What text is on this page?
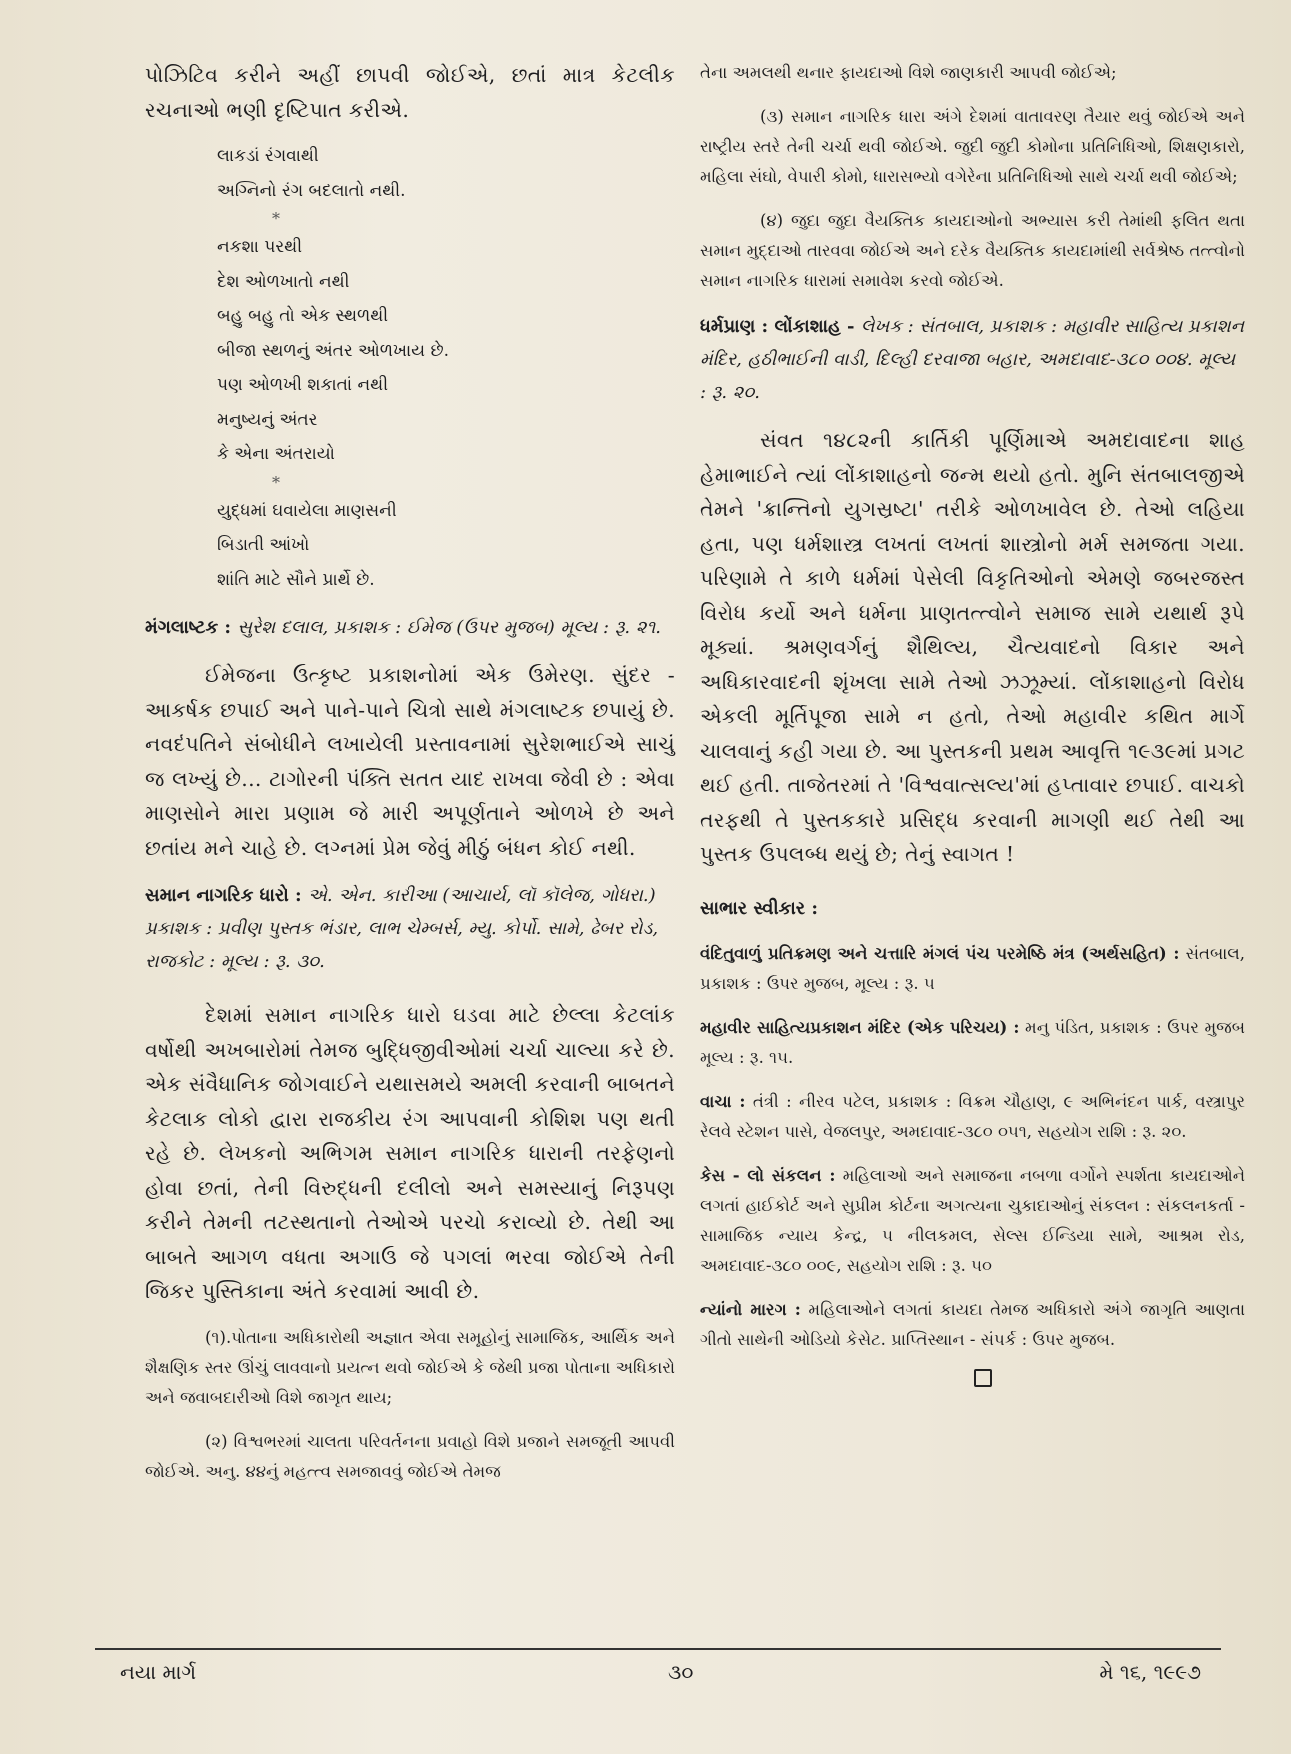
પોઝિટિવ કરીને અહીં છાપવી જોઈએ, છતાં માત્ર કેટલીક રચનાઓ ભણી દૃષ્ટિપાત કરીએ.

લાકડાં રંગવાથી
અગ્નિનો રંગ બદલાતો નથી.
*
નકશા પરથી
દેશ ઓળખાતો નથી
બહુ બહુ તો એક સ્થળથી
બીજા સ્થળનું અંતર ઓળખાય છે.
પણ ઓળખી શકાતાં નથી
મનુષ્યનું અંતર
કે એના અંતરાયો
*
યુદ્ધમાં ઘવાયેલા માણસની
બિડાતી આંખો
શાંતિ માટે સૌને પ્રાર્થે છે.

મંગલાષ્ટક : સુરેશ દલાલ, પ્રકાશક : ઈમેજ (ઉપર મુજબ) મૂલ્ય : રૂ. ૨૧.

ઈમેજના ઉત્કૃષ્ટ પ્રકાશનોમાં એક ઉમેરણ. સુંદર - આકર્ષક છપાઈ અને પાને-પાને ચિત્રો સાથે મંગલાષ્ટક છપાયું છે. નવદંપતિને સંબોધીને લખાયેલી પ્રસ્તાવનામાં સુરેશભાઈએ સાચું જ લખ્યું છે... ટાગોરની પંક્તિ સતત યાદ રાખવા જેવી છે : એવા માણસોને મારા પ્રણામ જે મારી અપૂર્ણતાને ઓળખે છે અને છતાંય મને ચાહે છે. લગ્નમાં પ્રેમ જેવું મીઠું બંધન કોઈ નથી.

સમાન નાગરિક ધારો : એ. એન. કારીઆ (આચાર્ય, લૉ કૉલેજ, ગોધરા.) પ્રકાશક : પ્રવીણ પુસ્તક ભંડાર, લાભ ચેમ્બર્સ, મ્યુ. કોર્પો. સામે, ઢેબર રોડ, રાજકોટ : મૂલ્ય : રૂ. ૩૦.

દેશમાં સમાન નાગરિક ધારો ઘડવા માટે છેલ્લા કેટલાંક વર્ષોથી અખબારોમાં તેમજ બુદ્ધિજીવીઓમાં ચર્ચા ચાલ્યા કરે છે. એક સંવૈધાનિક જોગવાઈને યથાસમયે અમલી કરવાની બાબતને કેટલાક લોકો દ્વારા રાજકીય રંગ આપવાની કોશિશ પણ થતી રહે છે. લેખકનો અભિગમ સમાન નાગરિક ધારાની તરફેણનો હોવા છતાં, તેની વિરુદ્ધની દલીલો અને સમસ્યાનું નિરૂપણ કરીને તેમની તટસ્થતાનો તેઓએ પરચો કરાવ્યો છે. તેથી આ બાબતે આગળ વધતા અગાઉ જે પગલાં ભરવા જોઈએ તેની જિકર પુસ્તિકાના અંતે કરવામાં આવી છે.

(૧).પોતાના અધિકારોથી અજ્ઞાત એવા સમૂહોનું સામાજિક, આર્થિક અને શૈક્ષણિક સ્તર ઊંચું લાવવાનો પ્રયત્ન થવો જોઈએ કે જેથી પ્રજા પોતાના અધિકારો અને જવાબદારીઓ વિશે જાગૃત થાય;

(૨) વિશ્વભરમાં ચાલતા પરિવર્તનના પ્રવાહો વિશે પ્રજાને સમજૂતી આપવી જોઈએ. અનુ. ૪૪નું મહત્ત્વ સમજાવવું જોઈએ તેમજ

તેના અમલથી થનાર ફાયદાઓ વિશે જાણકારી આપવી જોઈએ;

(૩) સમાન નાગરિક ધારા અંગે દેશમાં વાતાવરણ તૈયાર થવું જોઈએ અને રાષ્ટ્રીય સ્તરે તેની ચર્ચા થવી જોઈએ. જુદી જુદી કોમોના પ્રતિનિધિઓ, શિક્ષણકારો, મહિલા સંઘો, વેપારી કોમો, ધારાસભ્યો વગેરેના પ્રતિનિધિઓ સાથે ચર્ચા થવી જોઈએ;

(૪) જુદા જુદા વૈયક્તિક કાયદાઓનો અભ્યાસ કરી તેમાંથી ફલિત થતા સમાન મુદ્દાઓ તારવવા જોઈએ અને દરેક વૈયક્તિક કાયદામાંથી સર્વશ્રેષ્ઠ તત્ત્વોનો સમાન નાગરિક ધારામાં સમાવેશ કરવો જોઈએ.

ધર્મપ્રાણ : લોંકાશાહ - લેખક : સંતબાલ, પ્રકાશક : મહાવીર સાહિત્ય પ્રકાશન મંદિર, હઠીભાઈની વાડી, દિલ્હી દરવાજા બહાર, અમદાવાદ-૩૮૦ ૦૦૪. મૂલ્ય : રૂ. ૨૦.

સંવત ૧૪૮૨ની કાર્તિકી પૂર્ણિમાએ અમદાવાદના શાહ હેમાભાઈને ત્યાં લોંકાશાહનો જન્મ થયો હતો. મુનિ સંતબાલજીએ તેમને 'ક્રાન્તિનો યુગસ્રષ્ટા' તરીકે ઓળખાવેલ છે. તેઓ લહિયા હતા, પણ ધર્મશાસ્ત્ર લખતાં લખતાં શાસ્ત્રોનો મર્મ સમજતા ગયા. પરિણામે તે કાળે ધર્મમાં પેસેલી વિકૃતિઓનો એમણે જબરજસ્ત વિરોધ કર્યો અને ધર્મના પ્રાણતત્ત્વોને સમાજ સામે યથાર્થ રૂપે મૂક્યાં. શ્રમણવર્ગનું શૈથિલ્ય, ચૈત્યવાદનો વિકાર અને અધિકારવાદની શૃંખલા સામે તેઓ ઝઝૂમ્યાં. લોંકાશાહનો વિરોધ એકલી મૂર્તિપૂજા સામે ન હતો, તેઓ મહાવીર કથિત માર્ગે ચાલવાનું કહી ગયા છે. આ પુસ્તકની પ્રથમ આવૃત્તિ ૧૯૩૯માં પ્રગટ થઈ હતી. તાજેતરમાં તે 'વિશ્વવાત્સલ્ય'માં હપ્તાવાર છપાઈ. વાચકો તરફથી તે પુસ્તકકારે પ્રસિદ્ધ કરવાની માગણી થઈ તેથી આ પુસ્તક ઉપલબ્ધ થયું છે; તેનું સ્વાગત !

સાભાર સ્વીકાર :

વંદિતુવાળું પ્રતિક્રમણ અને ચત્તારિ મંગલં પંચ પરમેષ્ઠિ મંત્ર (અર્થસહિત) : સંતબાલ, પ્રકાશક : ઉપર મુજબ, મૂલ્ય : રૂ. ૫

મહાવીર સાહિત્યપ્રકાશન મંદિર (એક પરિચય) : મનુ પંડિત, પ્રકાશક : ઉપર મુજબ મૂલ્ય : રૂ. ૧૫.

વાચા : તંત્રી : નીરવ પટેલ, પ્રકાશક : વિક્રમ ચૌહાણ, ૯ અભિનંદન પાર્ક, વસ્ત્રાપુર રેલવે સ્ટેશન પાસે, વેજલપુર, અમદાવાદ-૩૮૦ ૦૫૧, સહયોગ રાશિ : રૂ. ૨૦.

કેસ - લો સંકલન : મહિલાઓ અને સમાજના નબળા વર્ગોને સ્પર્શતા કાયદાઓને લગતાં હાઈકોર્ટ અને સુપ્રીમ કોર્ટના અગત્યના ચુકાદાઓનું સંકલન : સંકલનકર્તા - સામાજિક ન્યાય કેન્દ્ર, ૫ નીલકમલ, સેલ્સ ઈન્ડિયા સામે, આશ્રમ રોડ, અમદાવાદ-૩૮૦ ૦૦૯, સહયોગ રાશિ : રૂ. ૫૦

ન્યાંનો મારગ : મહિલાઓને લગતાં કાયદા તેમજ અધિકારો અંગે જાગૃતિ આણતા ગીતો સાથેની ઓડિયો કેસેટ. પ્રાપ્તિસ્થાન - સંપર્ક : ઉપર મુજબ.

નયા માર્ગ	૩૦	મે ૧૬, ૧૯૯૭
